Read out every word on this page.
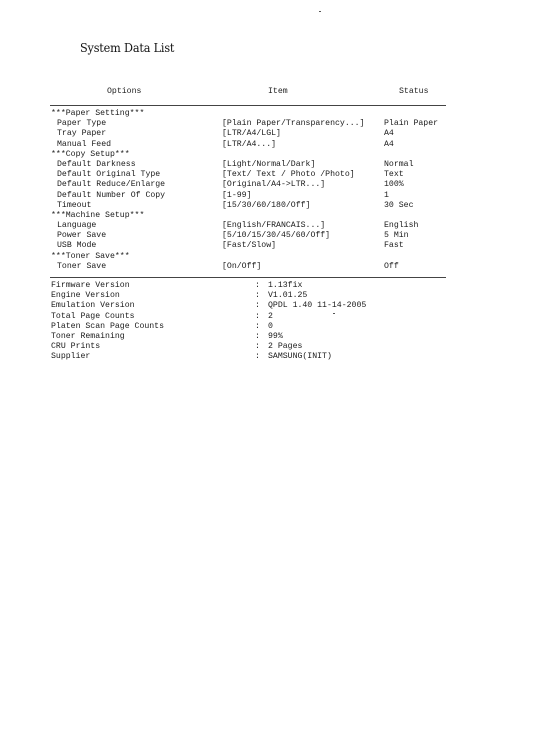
System Data List
Options	Item	Status
***Paper Setting***
Paper Type	[Plain Paper/Transparency...] Plain Paper
Tray Paper	[LTR/A4/LGL]	A4
Manual Feed	[LTR/A4...]	A4
***Copy Setup***
Default Darkness	[Light/Normal/Dark]	Normal
Default Original Type	[Text/ Text / Photo /Photo]	Text
Default Reduce/Enlarge	[Original/A4->LTR...]	100%
Default Number Of Copy	[1-99]	1
Timeout	[15/30/60/180/Off]	30 Sec
***Machine Setup***
Language	[English/FRANCAIS...]	English
Power Save	[5/10/15/30/45/60/Off]	5 Min
USB Mode	[Fast/Slow]	Fast
***Toner Save***
Toner Save	[On/Off]	Off
Firmware Version	: 1.13fix
Engine Version	: V1.01.25
Emulation Version	: QPDL 1.40 11-14-2005
Total Page Counts	: 2
Platen Scan Page Counts	: 0
Toner Remaining	: 99%
CRU Prints	: 2 Pages
Supplier	: SAMSUNG(INIT)
